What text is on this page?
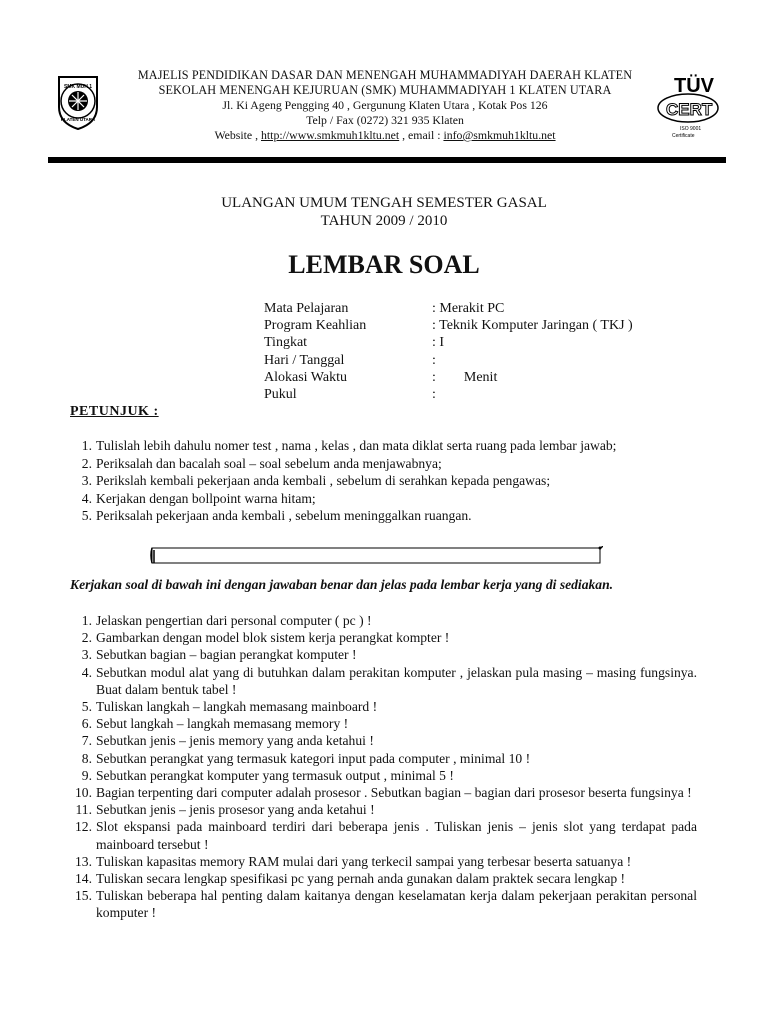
SMK MUH 1
KLATEN UTARA
TÜV
CERT
ISO 9001
Certificate
MAJELIS PENDIDIKAN DASAR DAN MENENGAH MUHAMMADIYAH DAERAH KLATEN
SEKOLAH MENENGAH KEJURUAN (SMK) MUHAMMADIYAH 1 KLATEN UTARA
Jl. Ki Ageng Pengging 40 , Gergunung Klaten Utara , Kotak Pos 126
Telp / Fax (0272) 321 935 Klaten
Website , http://www.smkmuh1kltu.net , email : info@smkmuh1kltu.net
ULANGAN UMUM TENGAH SEMESTER GASAL
TAHUN 2009 / 2010
LEMBAR SOAL
Mata Pelajaran	: Merakit PC
Program Keahlian	: Teknik Komputer Jaringan ( TKJ )
Tingkat	: I
Hari / Tanggal	:
Alokasi Waktu	:        Menit
Pukul	:
PETUNJUK :
1. Tulislah lebih dahulu nomer test , nama , kelas , dan mata diklat serta ruang pada lembar jawab;
2. Periksalah dan bacalah soal – soal sebelum anda menjawabnya;
3. Perikslah kembali pekerjaan anda kembali , sebelum di serahkan kepada pengawas;
4. Kerjakan dengan bollpoint warna hitam;
5. Periksalah pekerjaan anda kembali , sebelum meninggalkan ruangan.
Kerjakan soal di bawah ini dengan jawaban benar dan jelas pada lembar kerja yang di sediakan.
1. Jelaskan pengertian dari personal computer ( pc ) !
2. Gambarkan dengan model blok sistem kerja perangkat kompter !
3. Sebutkan bagian – bagian perangkat komputer !
4. Sebutkan modul alat yang di butuhkan dalam perakitan komputer , jelaskan pula masing – masing fungsinya. Buat dalam bentuk tabel !
5. Tuliskan langkah – langkah memasang mainboard !
6. Sebut langkah – langkah memasang memory !
7. Sebutkan jenis – jenis memory yang anda ketahui !
8. Sebutkan perangkat yang termasuk kategori input pada computer , minimal 10 !
9. Sebutkan perangkat komputer yang termasuk output , minimal 5 !
10. Bagian terpenting dari computer adalah prosesor . Sebutkan bagian – bagian dari prosesor beserta fungsinya !
11. Sebutkan jenis – jenis prosesor yang anda ketahui !
12. Slot ekspansi pada mainboard terdiri dari beberapa jenis . Tuliskan jenis – jenis slot yang terdapat pada mainboard tersebut !
13. Tuliskan kapasitas memory RAM mulai dari yang terkecil sampai yang terbesar beserta satuanya !
14. Tuliskan secara lengkap spesifikasi pc yang pernah anda gunakan dalam praktek secara lengkap !
15. Tuliskan beberapa hal penting dalam kaitanya dengan keselamatan kerja dalam pekerjaan perakitan personal komputer !
